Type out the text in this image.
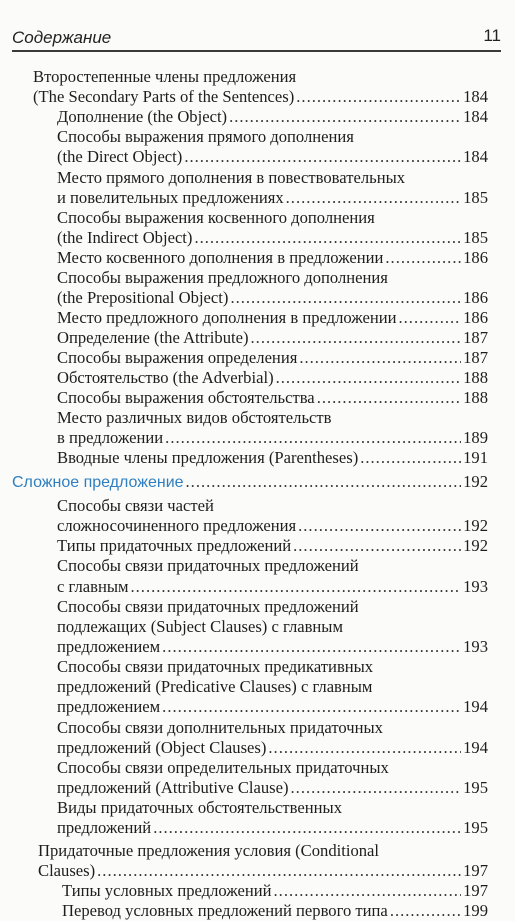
Содержание	11
Второстепенные члены предложения
(The Secondary Parts of the Sentences) .....	184
Дополнение (the Object) .....	184
Способы выражения прямого дополнения
(the Direct Object) .....	184
Место прямого дополнения в повествовательных
и повелительных предложениях .....	185
Способы выражения косвенного дополнения
(the Indirect Object) .....	185
Место косвенного дополнения в предложении .....	186
Способы выражения предложного дополнения
(the Prepositional Object) .....	186
Место предложного дополнения в предложении .....	186
Определение (the Attribute) .....	187
Способы выражения определения .....	187
Обстоятельство (the Adverbial) .....	188
Способы выражения обстоятельства .....	188
Место различных видов обстоятельств
в предложении .....	189
Вводные члены предложения (Parentheses) .....	191
Сложное предложение .....	192
Способы связи частей
сложносочиненного предложения .....	192
Типы придаточных предложений .....	192
Способы связи придаточных предложений
с главным .....	193
Способы связи придаточных предложений
подлежащих (Subject Clauses) с главным
предложением .....	193
Способы связи придаточных предикативных
предложений (Predicative Clauses) с главным
предложением .....	194
Способы связи дополнительных придаточных
предложений (Object Clauses) .....	194
Способы связи определительных придаточных
предложений (Attributive Clause) .....	195
Виды придаточных обстоятельственных
предложений .....	195
Придаточные предложения условия (Conditional
Clauses) .....	197
Типы условных предложений .....	197
Перевод условных предложений первого типа .....	199
